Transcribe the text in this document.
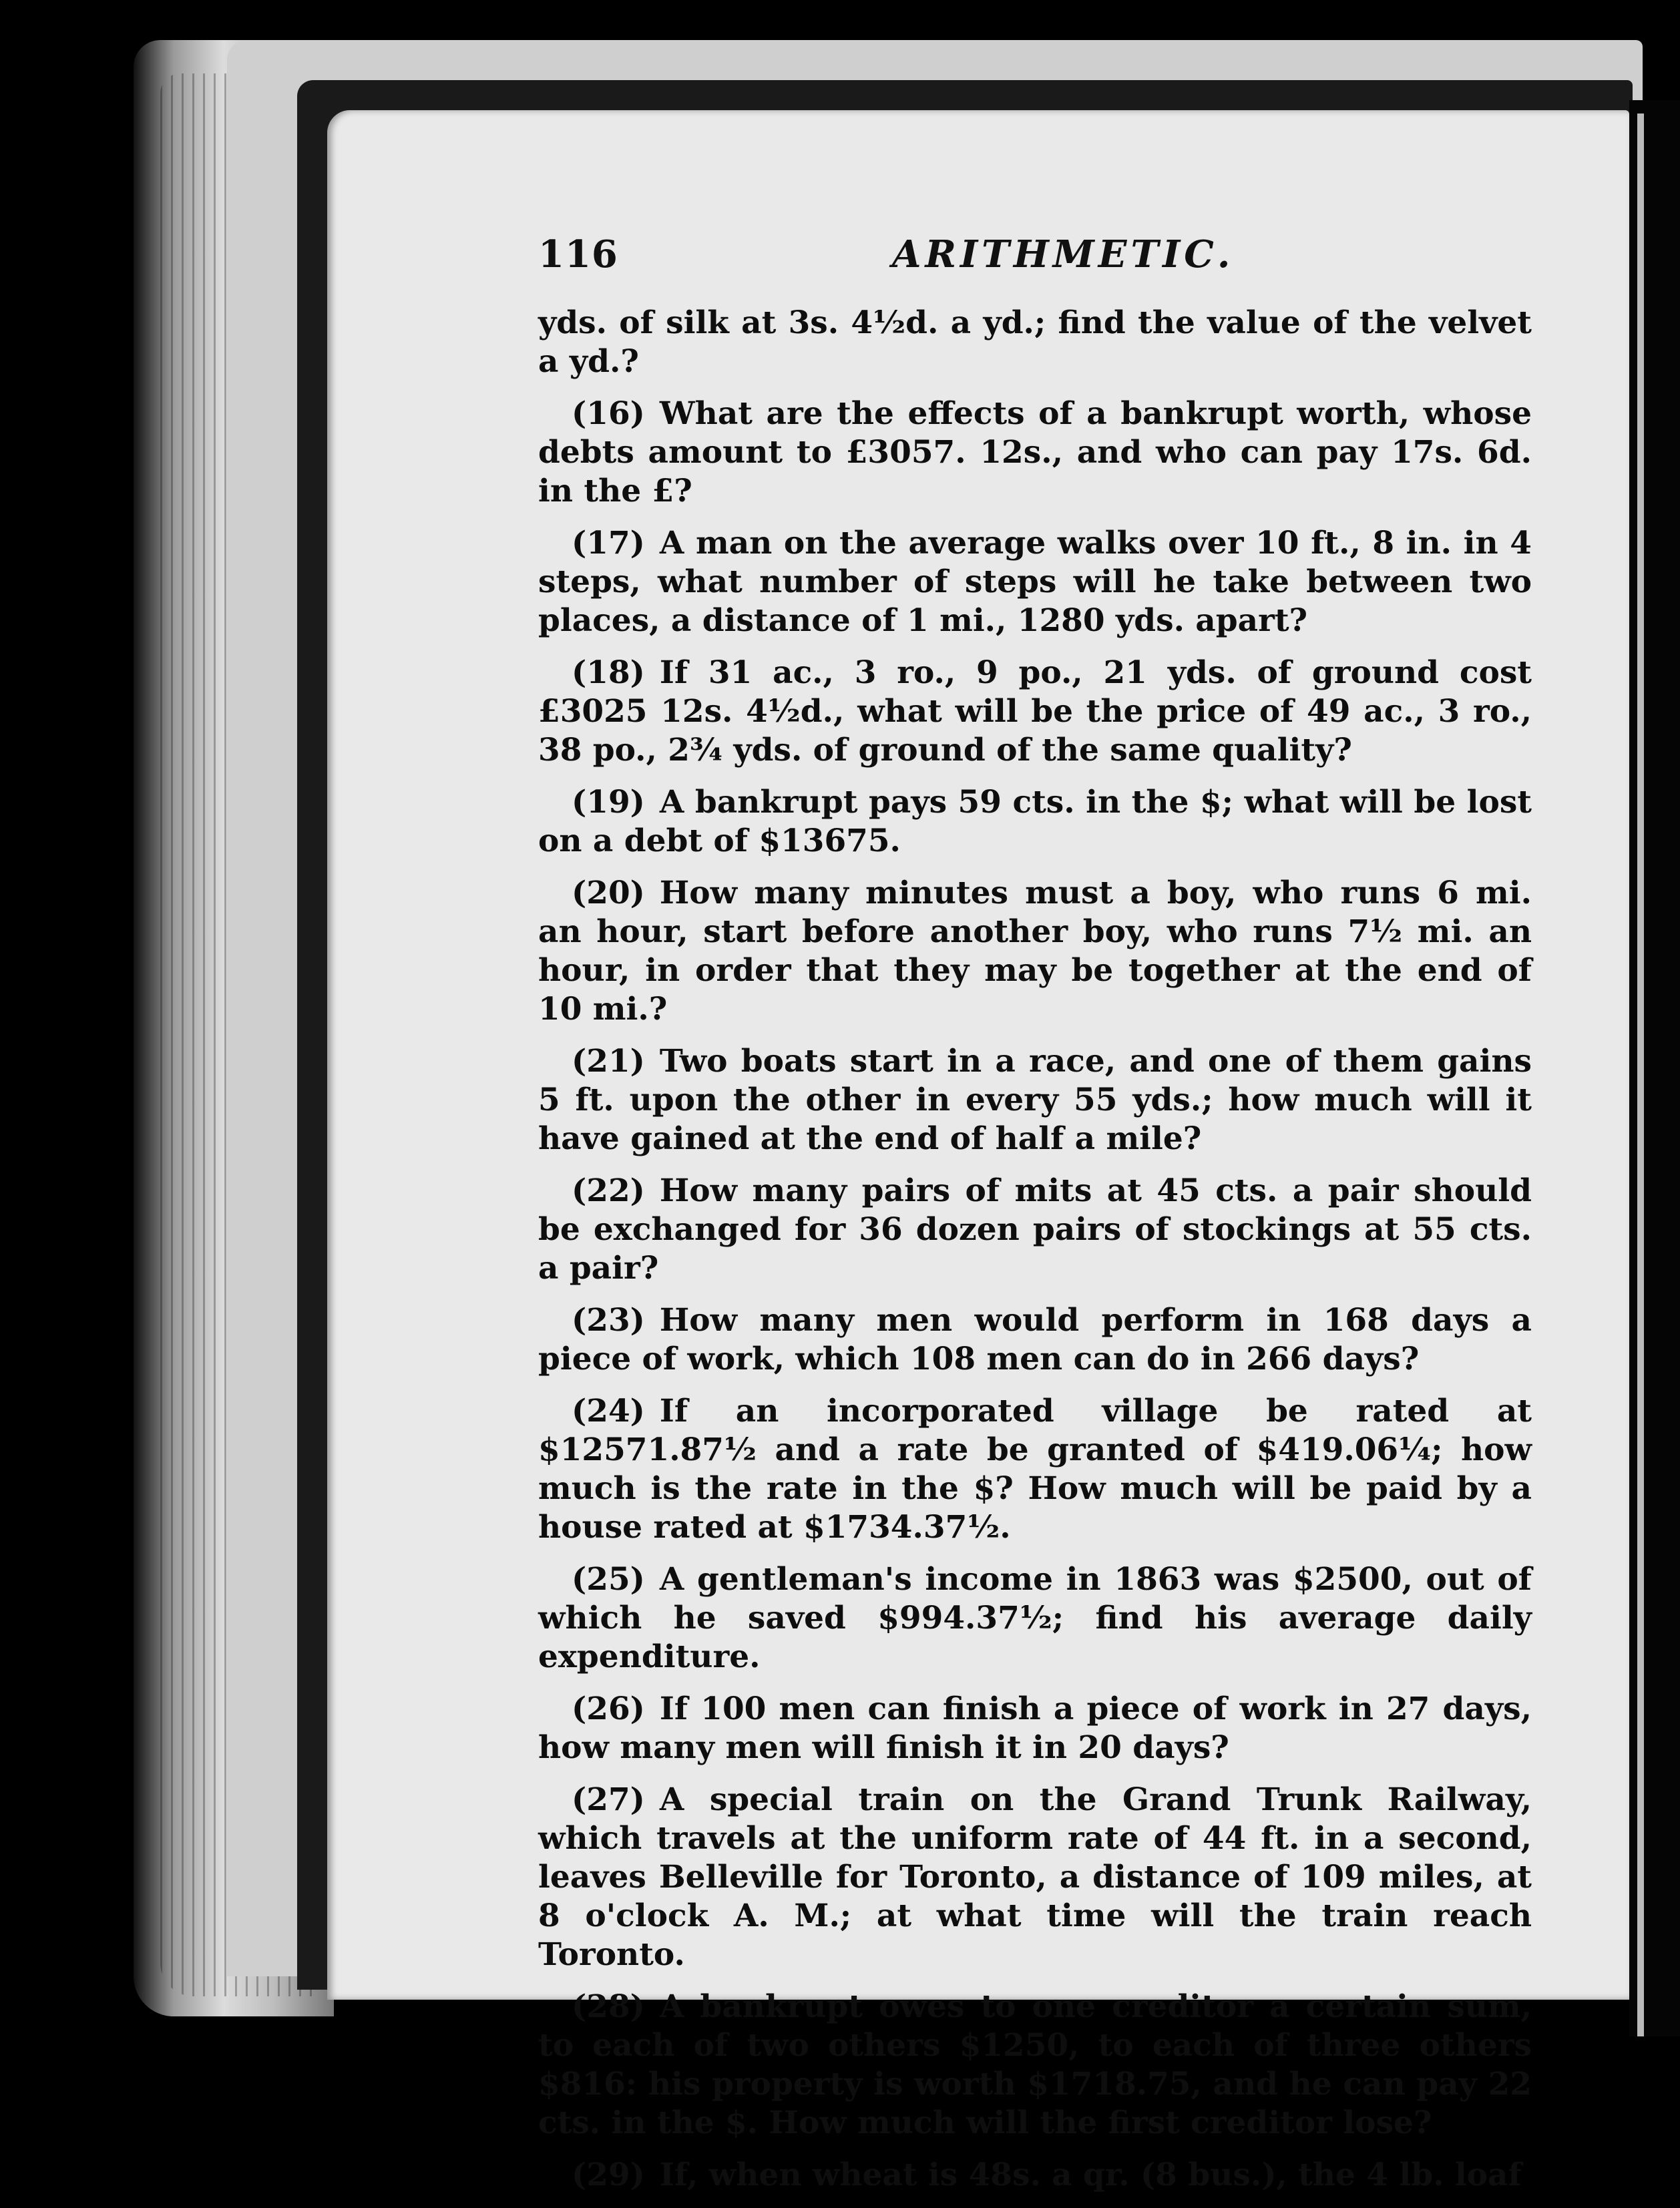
116	ARITHMETIC.

yds. of silk at 3s. 4½d. a yd.; find the value of the velvet a yd.?

(16) What are the effects of a bankrupt worth, whose debts amount to £3057. 12s., and who can pay 17s. 6d. in the £?

(17) A man on the average walks over 10 ft., 8 in. in 4 steps, what number of steps will he take between two places, a distance of 1 mi., 1280 yds. apart?

(18) If 31 ac., 3 ro., 9 po., 21 yds. of ground cost £3025 12s. 4½d., what will be the price of 49 ac., 3 ro., 38 po., 2¾ yds. of ground of the same quality?

(19) A bankrupt pays 59 cts. in the $; what will be lost on a debt of $13675.

(20) How many minutes must a boy, who runs 6 mi. an hour, start before another boy, who runs 7½ mi. an hour, in order that they may be together at the end of 10 mi.?

(21) Two boats start in a race, and one of them gains 5 ft. upon the other in every 55 yds.; how much will it have gained at the end of half a mile?

(22) How many pairs of mits at 45 cts. a pair should be exchanged for 36 dozen pairs of stockings at 55 cts. a pair?

(23) How many men would perform in 168 days a piece of work, which 108 men can do in 266 days?

(24) If an incorporated village be rated at $12571.87½ and a rate be granted of $419.06¼; how much is the rate in the $? How much will be paid by a house rated at $1734.37½.

(25) A gentleman's income in 1863 was $2500, out of which he saved $994.37½; find his average daily expenditure.

(26) If 100 men can finish a piece of work in 27 days, how many men will finish it in 20 days?

(27) A special train on the Grand Trunk Railway, which travels at the uniform rate of 44 ft. in a second, leaves Belleville for Toronto, a distance of 109 miles, at 8 o'clock A. M.; at what time will the train reach Toronto.

(28) A bankrupt owes to one creditor a certain sum, to each of two others $1250, to each of three others $816: his property is worth $1718.75, and he can pay 22 cts. in the $. How much will the first creditor lose?

(29) If, when wheat is 48s. a qr. (8 bus.), the 4 lb. loaf
